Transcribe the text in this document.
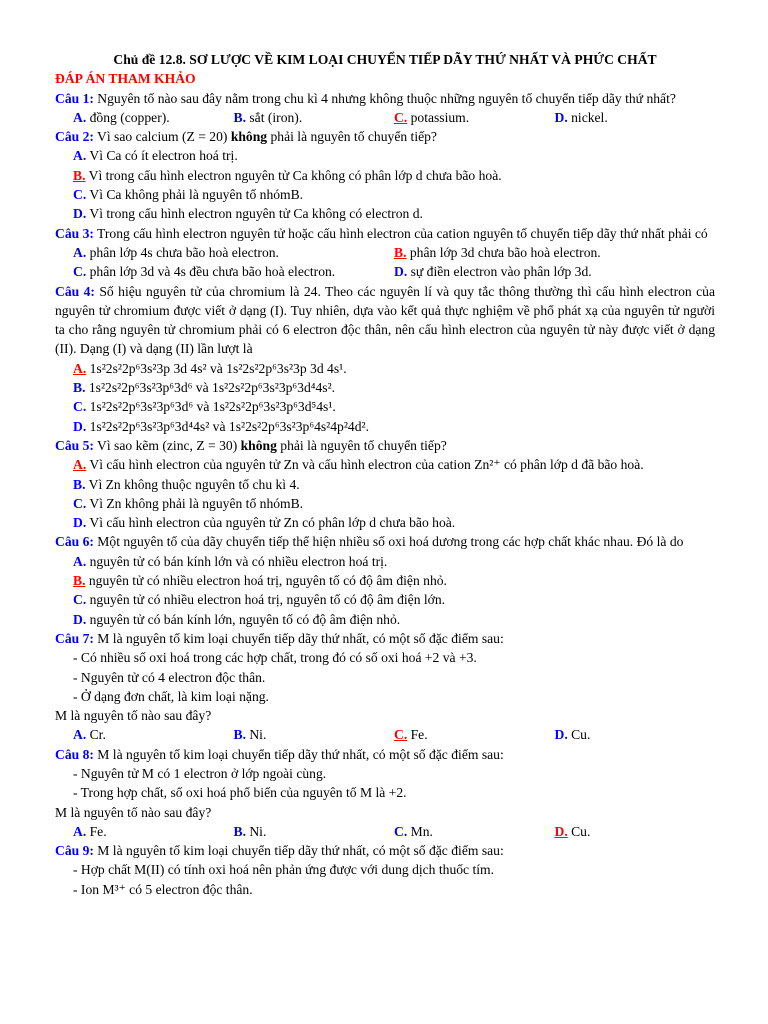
Chủ đề 12.8. SƠ LƯỢC VỀ KIM LOẠI CHUYỂN TIẾP DÃY THỨ NHẤT VÀ PHỨC CHẤT
ĐÁP ÁN THAM KHẢO
Câu 1: Nguyên tố nào sau đây nằm trong chu kì 4 nhưng không thuộc những nguyên tố chuyển tiếp dãy thứ nhất?
A. đồng (copper).	B. sắt (iron).	C. potassium.	D. nickel.
Câu 2: Vì sao calcium (Z = 20) không phải là nguyên tố chuyển tiếp?
A. Vì Ca có ít electron hoá trị.
B. Vì trong cấu hình electron nguyên tử Ca không có phân lớp d chưa bão hoà.
C. Vì Ca không phải là nguyên tố nhómB.
D. Vì trong cấu hình electron nguyên tử Ca không có electron d.
Câu 3: Trong cấu hình electron nguyên tử hoặc cấu hình electron của cation nguyên tố chuyển tiếp dãy thứ nhất phải có
A. phân lớp 4s chưa bão hoà electron.	B. phân lớp 3d chưa bão hoà electron.
C. phân lớp 3d và 4s đều chưa bão hoà electron.	D. sự điền electron vào phân lớp 3d.
Câu 4: Số hiệu nguyên tử của chromium là 24. Theo các nguyên lí và quy tắc thông thường thì cấu hình electron của nguyên tử chromium được viết ở dạng (I). Tuy nhiên, dựa vào kết quả thực nghiệm về phổ phát xạ của nguyên tử người ta cho rằng nguyên tử chromium phải có 6 electron độc thân, nên cấu hình electron của nguyên tử này được viết ở dạng (II). Dạng (I) và dạng (II) lần lượt là
A. 1s²2s²2p⁶3s²3p 3d 4s² và 1s²2s²2p⁶3s²3p 3d 4s¹.
B. 1s²2s²2p⁶3s²3p⁶3d⁶ và 1s²2s²2p⁶3s²3p⁶3d⁴4s².
C. 1s²2s²2p⁶3s²3p⁶3d⁶ và 1s²2s²2p⁶3s²3p⁶3d⁵4s¹.
D. 1s²2s²2p⁶3s²3p⁶3d⁴4s² và 1s²2s²2p⁶3s²3p⁶4s²4p²4d².
Câu 5: Vì sao kẽm (zinc, Z = 30) không phải là nguyên tố chuyển tiếp?
A. Vì cấu hình electron của nguyên tử Zn và cấu hình electron của cation Zn²⁺ có phân lớp d đã bão hoà.
B. Vì Zn không thuộc nguyên tố chu kì 4.
C. Vì Zn không phải là nguyên tố nhómB.
D. Vì cấu hình electron của nguyên tử Zn có phân lớp d chưa bão hoà.
Câu 6: Một nguyên tố của dãy chuyển tiếp thể hiện nhiều số oxi hoá dương trong các hợp chất khác nhau. Đó là do
A. nguyên tử có bán kính lớn và có nhiều electron hoá trị.
B. nguyên tử có nhiều electron hoá trị, nguyên tố có độ âm điện nhỏ.
C. nguyên tử có nhiều electron hoá trị, nguyên tố có độ âm điện lớn.
D. nguyên tử có bán kính lớn, nguyên tố có độ âm điện nhỏ.
Câu 7: M là nguyên tố kim loại chuyển tiếp dãy thứ nhất, có một số đặc điểm sau:
- Có nhiều số oxi hoá trong các hợp chất, trong đó có số oxi hoá +2 và +3.
- Nguyên tử có 4 electron độc thân.
- Ở dạng đơn chất, là kim loại nặng.
M là nguyên tố nào sau đây?
A. Cr.	B. Ni.	C. Fe.	D. Cu.
Câu 8: M là nguyên tố kim loại chuyển tiếp dãy thứ nhất, có một số đặc điểm sau:
- Nguyên tử M có 1 electron ở lớp ngoài cùng.
- Trong hợp chất, số oxi hoá phổ biến của nguyên tố M là +2.
M là nguyên tố nào sau đây?
A. Fe.	B. Ni.	C. Mn.	D. Cu.
Câu 9: M là nguyên tố kim loại chuyển tiếp dãy thứ nhất, có một số đặc điểm sau:
- Hợp chất M(II) có tính oxi hoá nên phản ứng được với dung dịch thuốc tím.
- Ion M³⁺ có 5 electron độc thân.
